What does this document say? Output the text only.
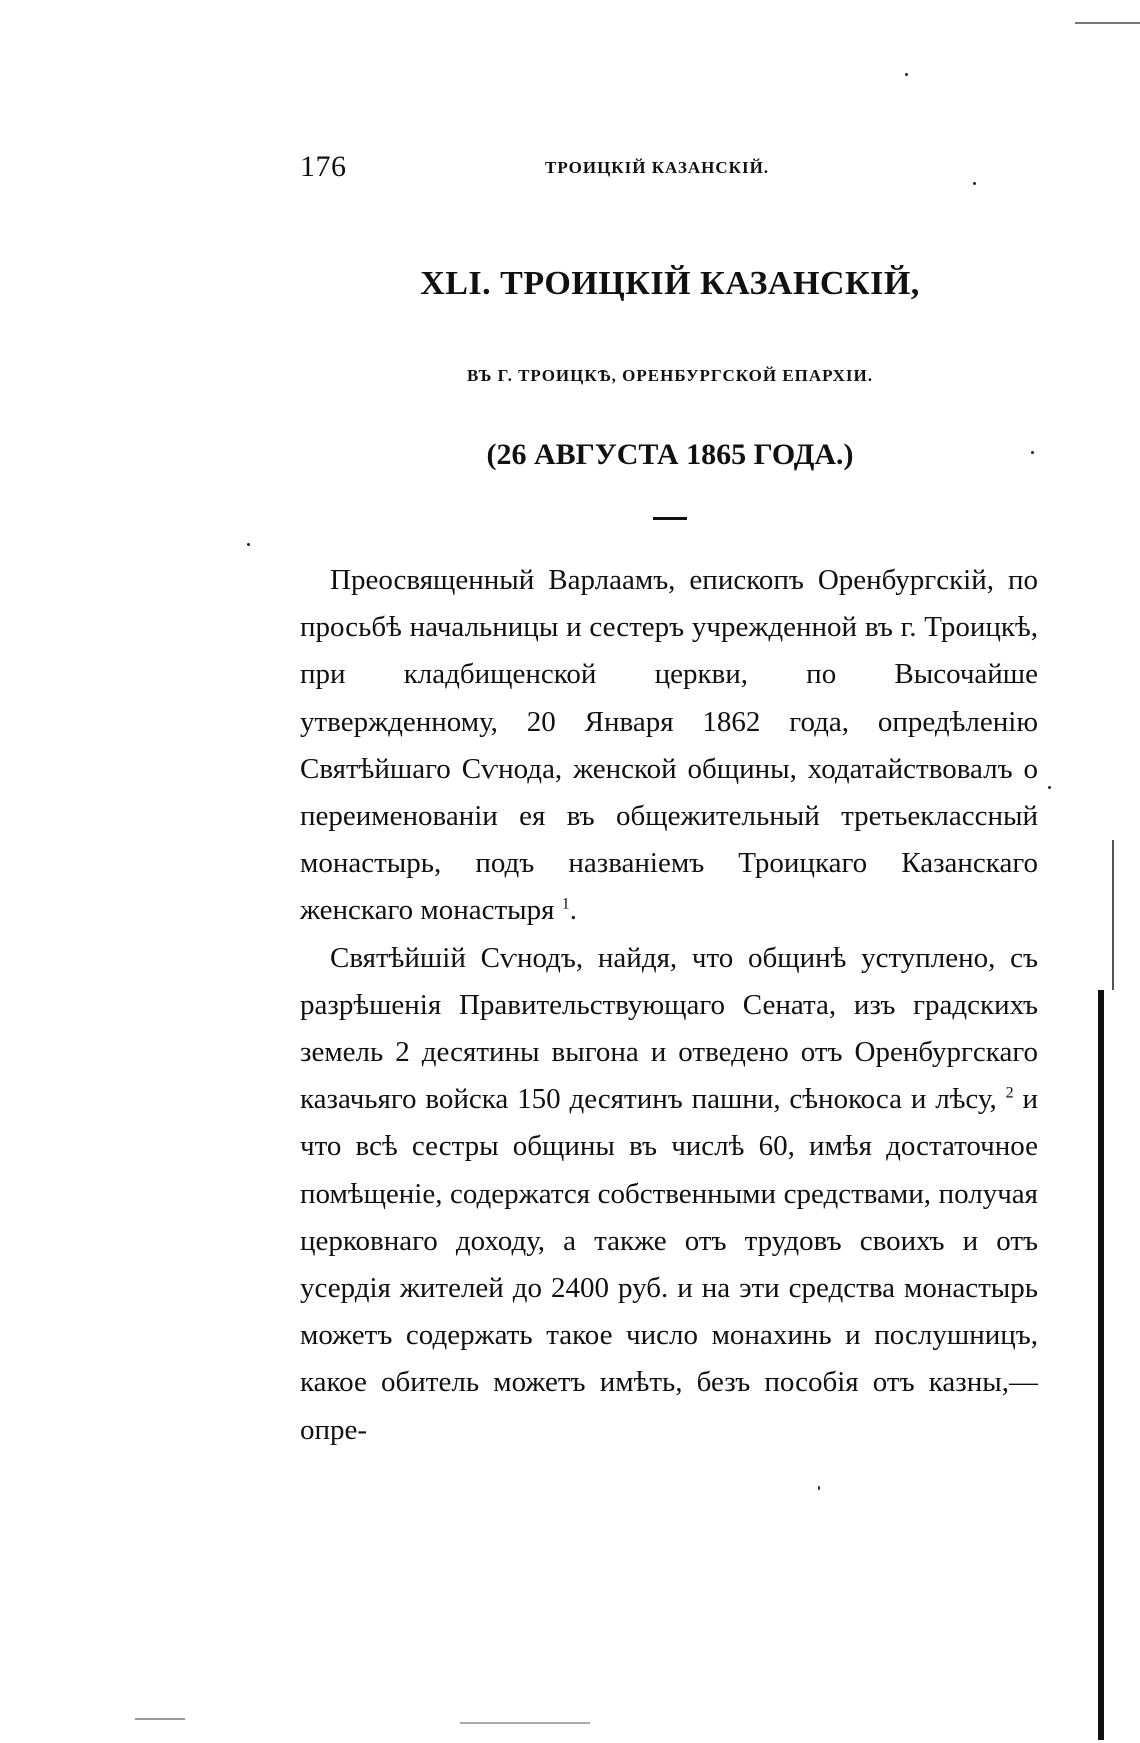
176	ТРОИЦКІЙ КАЗАНСКІЙ.
XLI. ТРОИЦКІЙ КАЗАНСКІЙ,
ВЪ Г. ТРОИЦКѢ, ОРЕНБУРГСКОЙ ЕПАРХІИ.
(26 АВГУСТА 1865 ГОДА.)

Преосвященный Варлаамъ, епископъ Оренбургскій, по просьбѣ начальницы и сестеръ учрежденной въ г. Троицкѣ, при кладбищенской церкви, по Высочайше утвержденному, 20 Января 1862 года, опредѣленію Святѣйшаго Сѵнода, женской общины, ходатайствовалъ о переименованіи ея въ общежительный третьеклассный монастырь, подъ названіемъ Троицкаго Казанскаго женскаго монастыря $^1$.

Святѣйшій Сѵнодъ, найдя, что общинѣ уступлено, съ разрѣшенія Правительствующаго Сената, изъ градскихъ земель 2 десятины выгона и отведено отъ Оренбургскаго казачьяго войска 150 десятинъ пашни, сѣнокоса и лѣсу, $^2$ и что всѣ сестры общины въ числѣ 60, имѣя достаточное помѣщеніе, содержатся собственными средствами, получая церковнаго доходу, а также отъ трудовъ своихъ и отъ усердія жителей до 2400 руб. и на эти средства монастырь можетъ содержать такое число монахинь и послушницъ, какое обитель можетъ имѣть, безъ пособія отъ казны,—опре-
